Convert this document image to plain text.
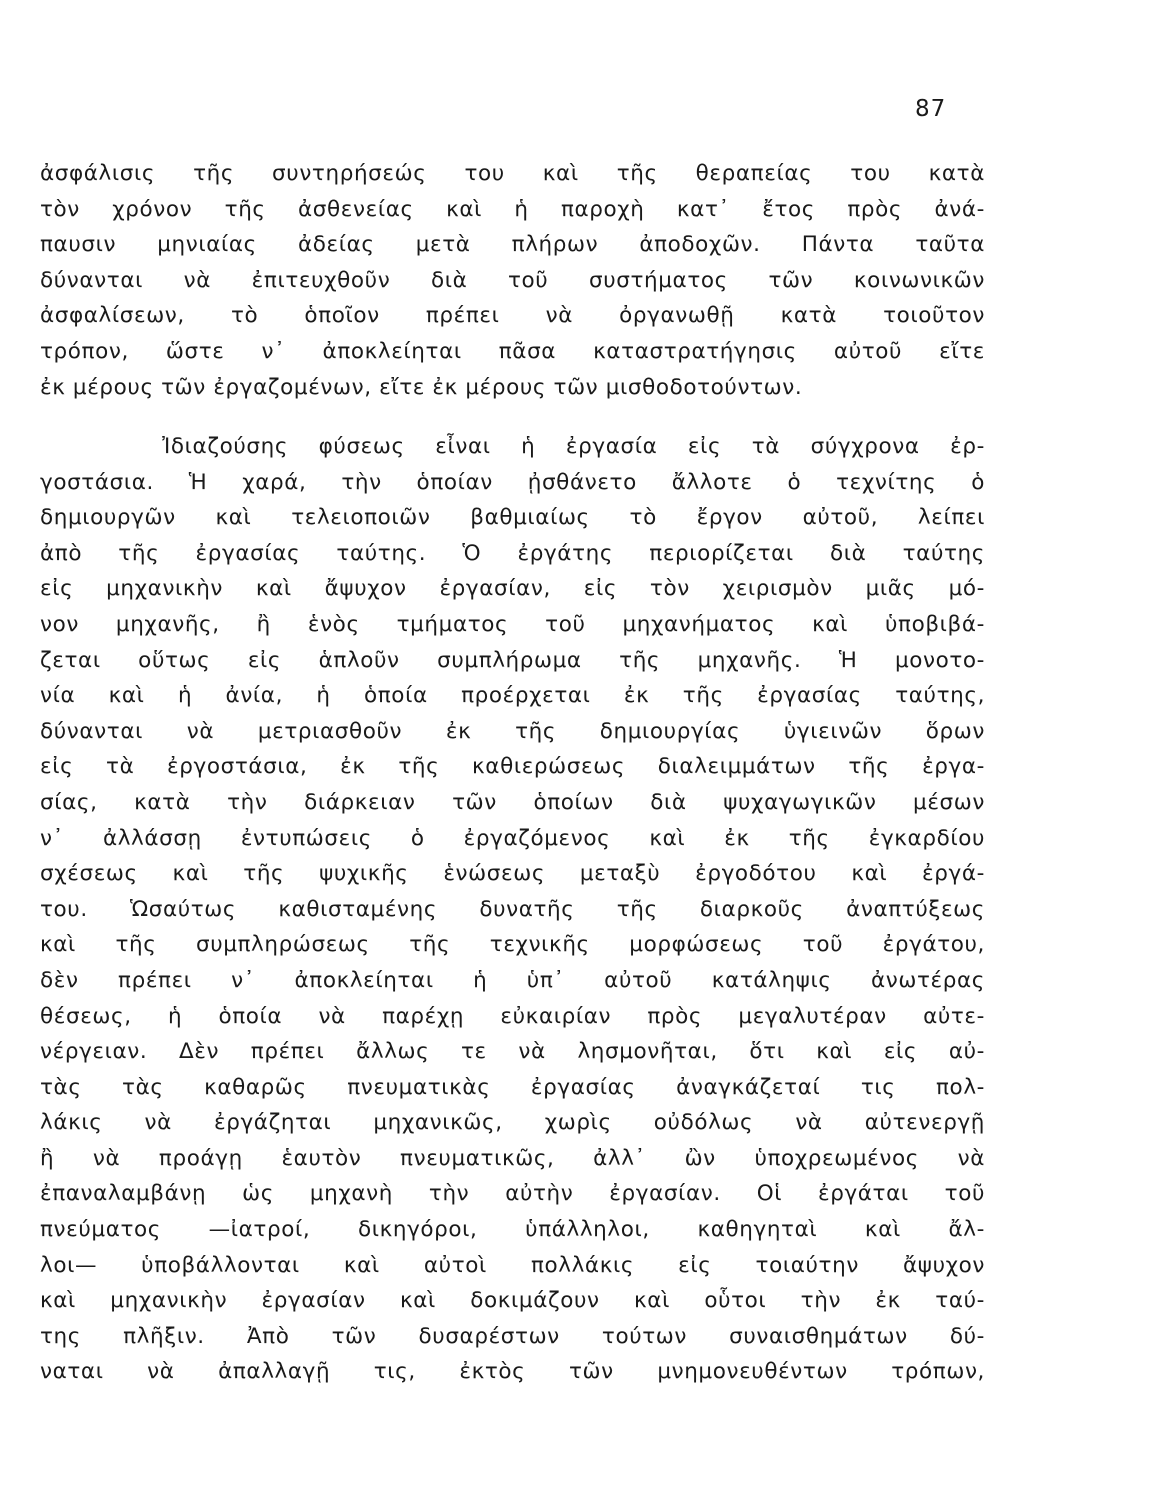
87
ἀσφάλισις τῆς συντηρήσεώς του καὶ τῆς θεραπείας του κατὰ
τὸν χρόνον τῆς ἀσθενείας καὶ ἡ παροχὴ κατ᾽ ἔτος πρὸς ἀνά-
παυσιν μηνιαίας ἀδείας μετὰ πλήρων ἀποδοχῶν. Πάντα ταῦτα
δύνανται νὰ ἐπιτευχθοῦν διὰ τοῦ συστήματος τῶν κοινωνικῶν
ἀσφαλίσεων, τὸ ὁποῖον πρέπει νὰ ὀργανωθῇ κατὰ τοιοῦτον
τρόπον, ὥστε ν᾽ ἀποκλείηται πᾶσα καταστρατήγησις αὐτοῦ εἴτε
ἐκ μέρους τῶν ἐργαζομένων, εἴτε ἐκ μέρους τῶν μισθοδοτούντων.
Ἰδιαζούσης φύσεως εἶναι ἡ ἐργασία εἰς τὰ σύγχρονα ἐρ-
γοστάσια. Ἡ χαρά, τὴν ὁποίαν ᾐσθάνετο ἄλλοτε ὁ τεχνίτης ὁ
δημιουργῶν καὶ τελειοποιῶν βαθμιαίως τὸ ἔργον αὐτοῦ, λείπει
ἀπὸ τῆς ἐργασίας ταύτης. Ὁ ἐργάτης περιορίζεται διὰ ταύτης
εἰς μηχανικὴν καὶ ἄψυχον ἐργασίαν, εἰς τὸν χειρισμὸν μιᾶς μό-
νον μηχανῆς, ἢ ἑνὸς τμήματος τοῦ μηχανήματος καὶ ὑποβιβά-
ζεται οὕτως εἰς ἁπλοῦν συμπλήρωμα τῆς μηχανῆς. Ἡ μονοτο-
νία καὶ ἡ ἀνία, ἡ ὁποία προέρχεται ἐκ τῆς ἐργασίας ταύτης,
δύνανται νὰ μετριασθοῦν ἐκ τῆς δημιουργίας ὑγιεινῶν ὅρων
εἰς τὰ ἐργοστάσια, ἐκ τῆς καθιερώσεως διαλειμμάτων τῆς ἐργα-
σίας, κατὰ τὴν διάρκειαν τῶν ὁποίων διὰ ψυχαγωγικῶν μέσων
ν᾽ ἀλλάσσῃ ἐντυπώσεις ὁ ἐργαζόμενος καὶ ἐκ τῆς ἐγκαρδίου
σχέσεως καὶ τῆς ψυχικῆς ἑνώσεως μεταξὺ ἐργοδότου καὶ ἐργά-
του. Ὡσαύτως καθισταμένης δυνατῆς τῆς διαρκοῦς ἀναπτύξεως
καὶ τῆς συμπληρώσεως τῆς τεχνικῆς μορφώσεως τοῦ ἐργάτου,
δὲν πρέπει ν᾽ ἀποκλείηται ἡ ὑπ᾽ αὐτοῦ κατάληψις ἀνωτέρας
θέσεως, ἡ ὁποία νὰ παρέχῃ εὐκαιρίαν πρὸς μεγαλυτέραν αὐτε-
νέργειαν. Δὲν πρέπει ἄλλως τε νὰ λησμονῆται, ὅτι καὶ εἰς αὐ-
τὰς τὰς καθαρῶς πνευματικὰς ἐργασίας ἀναγκάζεταί τις πολ-
λάκις νὰ ἐργάζηται μηχανικῶς, χωρὶς οὐδόλως νὰ αὐτενεργῇ
ἢ νὰ προάγῃ ἑαυτὸν πνευματικῶς, ἀλλ᾽ ὢν ὑποχρεωμένος νὰ
ἐπαναλαμβάνῃ ὡς μηχανὴ τὴν αὐτὴν ἐργασίαν. Οἱ ἐργάται τοῦ
πνεύματος —ἰατροί, δικηγόροι, ὑπάλληλοι, καθηγηταὶ καὶ ἄλ-
λοι— ὑποβάλλονται καὶ αὐτοὶ πολλάκις εἰς τοιαύτην ἄψυχον
καὶ μηχανικὴν ἐργασίαν καὶ δοκιμάζουν καὶ οὗτοι τὴν ἐκ ταύ-
της πλῆξιν. Ἀπὸ τῶν δυσαρέστων τούτων συναισθημάτων δύ-
ναται νὰ ἀπαλλαγῇ τις, ἐκτὸς τῶν μνημονευθέντων τρόπων,
